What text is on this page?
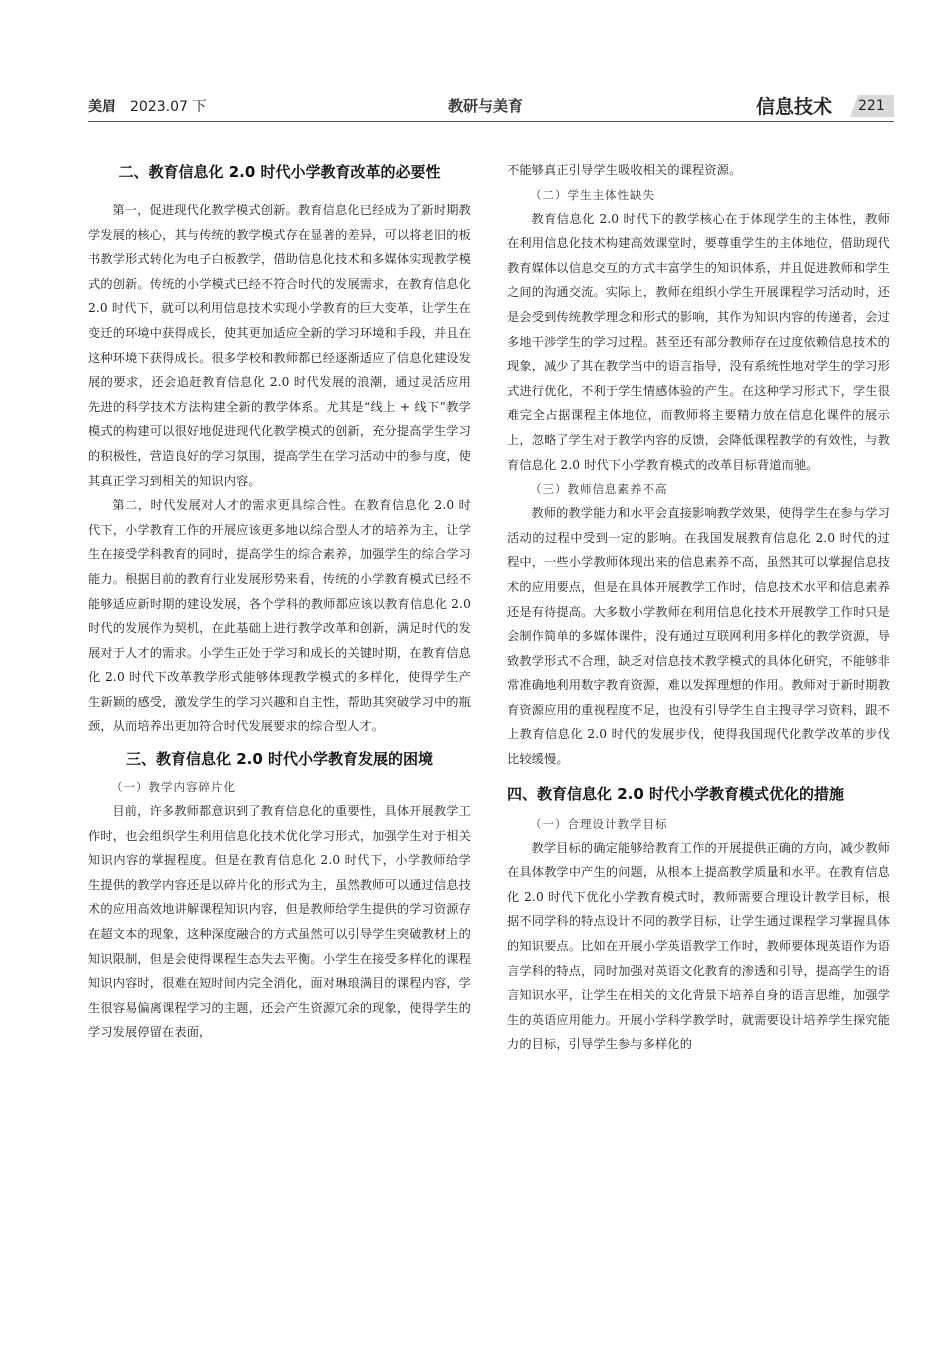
美眉 2023.07 下	教研与美育	信息技术 221
二、教育信息化 2.0 时代小学教育改革的必要性

第一，促进现代化教学模式创新。教育信息化已经成为了新时期教学发展的核心，其与传统的教学模式存在显著的差异，可以将老旧的板书教学形式转化为电子白板教学，借助信息化技术和多媒体实现教学模式的创新。传统的小学模式已经不符合时代的发展需求，在教育信息化 2.0 时代下，就可以利用信息技术实现小学教育的巨大变革，让学生在变迁的环境中获得成长，使其更加适应全新的学习环境和手段，并且在这种环境下获得成长。很多学校和教师都已经逐渐适应了信息化建设发展的要求，还会追赶教育信息化 2.0 时代发展的浪潮，通过灵活应用先进的科学技术方法构建全新的教学体系。尤其是“线上 + 线下”教学模式的构建可以很好地促进现代化教学模式的创新，充分提高学生学习的积极性，营造良好的学习氛围，提高学生在学习活动中的参与度，使其真正学习到相关的知识内容。

第二，时代发展对人才的需求更具综合性。在教育信息化 2.0 时代下，小学教育工作的开展应该更多地以综合型人才的培养为主，让学生在接受学科教育的同时，提高学生的综合素养，加强学生的综合学习能力。根据目前的教育行业发展形势来看，传统的小学教育模式已经不能够适应新时期的建设发展，各个学科的教师都应该以教育信息化 2.0 时代的发展作为契机，在此基础上进行教学改革和创新，满足时代的发展对于人才的需求。小学生正处于学习和成长的关键时期，在教育信息化 2.0 时代下改革教学形式能够体现教学模式的多样化，使得学生产生新颖的感受，激发学生的学习兴趣和自主性，帮助其突破学习中的瓶颈，从而培养出更加符合时代发展要求的综合型人才。

三、教育信息化 2.0 时代小学教育发展的困境
（一）教学内容碎片化

目前，许多教师都意识到了教育信息化的重要性，具体开展教学工作时，也会组织学生利用信息化技术优化学习形式，加强学生对于相关知识内容的掌握程度。但是在教育信息化 2.0 时代下，小学教师给学生提供的教学内容还是以碎片化的形式为主，虽然教师可以通过信息技术的应用高效地讲解课程知识内容，但是教师给学生提供的学习资源存在超文本的现象，这种深度融合的方式虽然可以引导学生突破教材上的知识限制，但是会使得课程生态失去平衡。小学生在接受多样化的课程知识内容时，很难在短时间内完全消化，面对琳琅满目的课程内容，学生很容易偏离课程学习的主题，还会产生资源冗余的现象，使得学生的学习发展停留在表面，

不能够真正引导学生吸收相关的课程资源。

（二）学生主体性缺失

教育信息化 2.0 时代下的教学核心在于体现学生的主体性，教师在利用信息化技术构建高效课堂时，要尊重学生的主体地位，借助现代教育媒体以信息交互的方式丰富学生的知识体系，并且促进教师和学生之间的沟通交流。实际上，教师在组织小学生开展课程学习活动时，还是会受到传统教学理念和形式的影响，其作为知识内容的传递者，会过多地干涉学生的学习过程。甚至还有部分教师存在过度依赖信息技术的现象，减少了其在教学当中的语言指导，没有系统性地对学生的学习形式进行优化，不利于学生情感体验的产生。在这种学习形式下，学生很难完全占据课程主体地位，而教师将主要精力放在信息化课件的展示上，忽略了学生对于教学内容的反馈，会降低课程教学的有效性，与教育信息化 2.0 时代下小学教育模式的改革目标背道而驰。

（三）教师信息素养不高

教师的教学能力和水平会直接影响教学效果，使得学生在参与学习活动的过程中受到一定的影响。在我国发展教育信息化 2.0 时代的过程中，一些小学教师体现出来的信息素养不高，虽然其可以掌握信息技术的应用要点，但是在具体开展教学工作时，信息技术水平和信息素养还是有待提高。大多数小学教师在利用信息化技术开展教学工作时只是会制作简单的多媒体课件，没有通过互联网利用多样化的教学资源，导致教学形式不合理，缺乏对信息技术教学模式的具体化研究，不能够非常准确地利用数字教育资源，难以发挥理想的作用。教师对于新时期教育资源应用的重视程度不足，也没有引导学生自主搜寻学习资料，跟不上教育信息化 2.0 时代的发展步伐，使得我国现代化教学改革的步伐比较缓慢。

四、教育信息化 2.0 时代小学教育模式优化的措施
（一）合理设计教学目标

教学目标的确定能够给教育工作的开展提供正确的方向，减少教师在具体教学中产生的问题，从根本上提高教学质量和水平。在教育信息化 2.0 时代下优化小学教育模式时，教师需要合理设计教学目标，根据不同学科的特点设计不同的教学目标，让学生通过课程学习掌握具体的知识要点。比如在开展小学英语教学工作时，教师要体现英语作为语言学科的特点，同时加强对英语文化教育的渗透和引导，提高学生的语言知识水平，让学生在相关的文化背景下培养自身的语言思维，加强学生的英语应用能力。开展小学科学教学时，就需要设计培养学生探究能力的目标，引导学生参与多样化的
